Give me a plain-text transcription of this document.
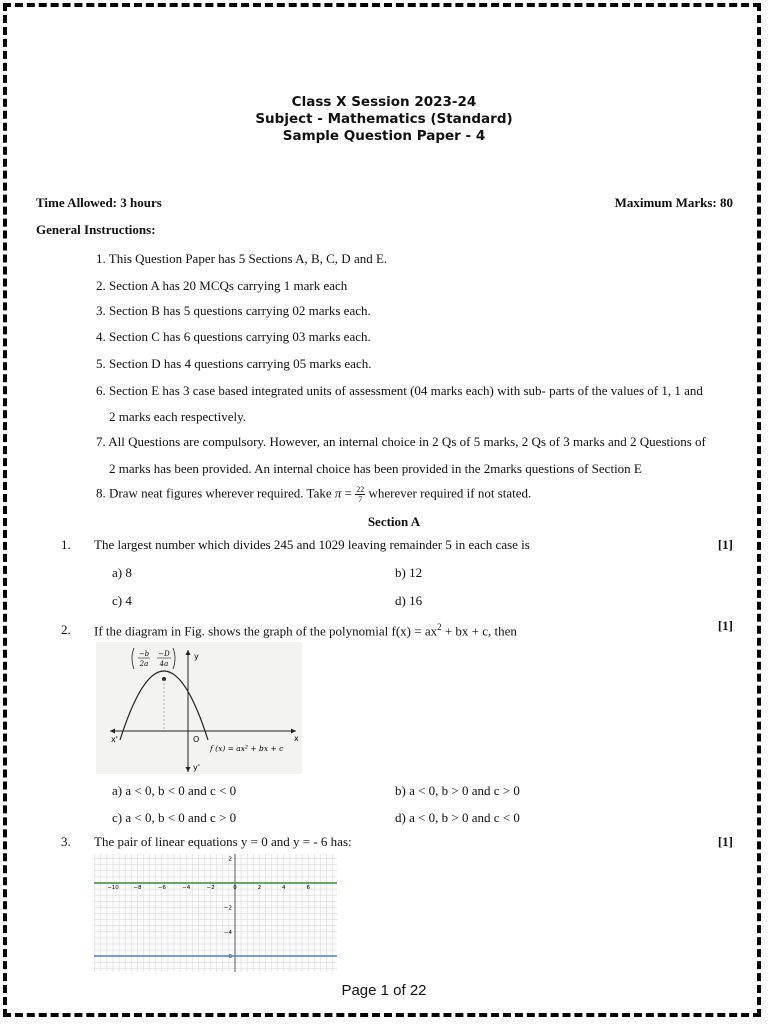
Class X Session 2023-24
Subject - Mathematics (Standard)
Sample Question Paper - 4
Time Allowed: 3 hours	Maximum Marks: 80
General Instructions:
1. This Question Paper has 5 Sections A, B, C, D and E.
2. Section A has 20 MCQs carrying 1 mark each
3. Section B has 5 questions carrying 02 marks each.
4. Section C has 6 questions carrying 03 marks each.
5. Section D has 4 questions carrying 05 marks each.
6. Section E has 3 case based integrated units of assessment (04 marks each) with sub- parts of the values of 1, 1 and
2 marks each respectively.
7. All Questions are compulsory. However, an internal choice in 2 Qs of 5 marks, 2 Qs of 3 marks and 2 Questions of
2 marks has been provided. An internal choice has been provided in the 2marks questions of Section E
8. Draw neat figures wherever required. Take $\pi = \frac{22}{7}$ wherever required if not stated.
Section A
1. The largest number which divides 245 and 1029 leaving remainder 5 in each case is	[1]
a) 8	b) 12
c) 4	d) 16
2. If the diagram in Fig. shows the graph of the polynomial $f(x) = ax^2$ + bx + c, then	[1]
−b
2a
−D
4a
y
x
x'
y'
O
f (x) = ax² + bx + c
a) a < 0, b < 0 and c < 0	b) a < 0, b > 0 and c > 0
c) a < 0, b < 0 and c > 0	d) a < 0, b > 0 and c < 0
3. The pair of linear equations y = 0 and y = - 6 has:	[1]
−10	−8	−6	−4	−2	0	2	4	6
2
−2
−4
−6
Page 1 of 22
